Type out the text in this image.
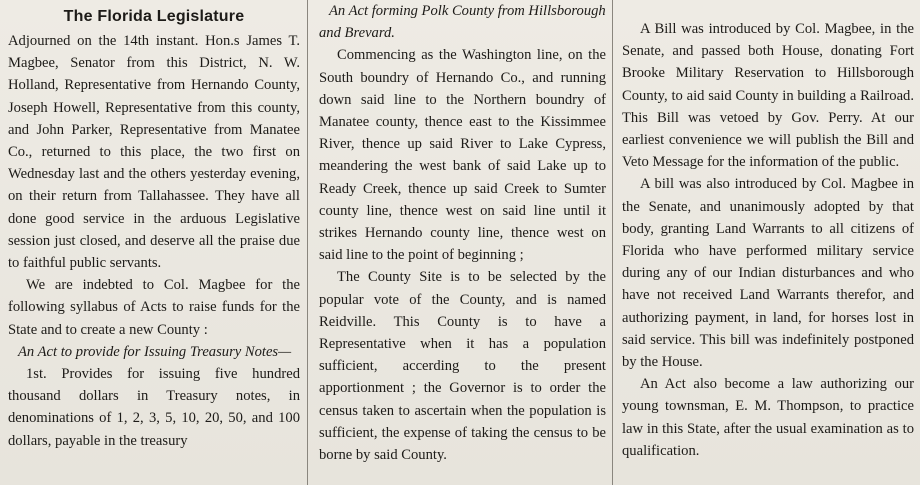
The Florida Legislature

Adjourned on the 14th instant. Hon.s James T. Magbee, Senator from this District, N. W. Holland, Representative from Hernando County, Joseph Howell, Representative from this county, and John Parker, Representative from Manatee Co., returned to this place, the two first on Wednesday last and the others yesterday evening, on their return from Tallahassee. They have all done good service in the arduous Legislative session just closed, and deserve all the praise due to faithful public servants.

We are indebted to Col. Magbee for the following syllabus of Acts to raise funds for the State and to create a new County :

An Act to provide for Issuing Treasury Notes—

1st. Provides for issuing five hundred thousand dollars in Treasury notes, in denominations of 1, 2, 3, 5, 10, 20, 50, and 100 dollars, payable in the treasury

An Act forming Polk County from Hillsborough and Brevard.

Commencing as the Washington line, on the South boundry of Hernando Co., and running down said line to the Northern boundry of Manatee county, thence east to the Kissimmee River, thence up said River to Lake Cypress, meandering the west bank of said Lake up to Ready Creek, thence up said Creek to Sumter county line, thence west on said line until it strikes Hernando county line, thence west on said line to the point of beginning ;

The County Site is to be selected by the popular vote of the County, and is named Reidville. This County is to have a Representative when it has a population sufficient, accerding to the present apportionment ; the Governor is to order the census taken to ascertain when the population is sufficient, the expense of taking the census to be borne by said County.

A Bill was introduced by Col. Magbee, in the Senate, and passed both House, donating Fort Brooke Military Reservation to Hillsborough County, to aid said County in building a Railroad. This Bill was vetoed by Gov. Perry. At our earliest convenience we will publish the Bill and Veto Message for the information of the public.

A bill was also introduced by Col. Magbee in the Senate, and unanimously adopted by that body, granting Land Warrants to all citizens of Florida who have performed military service during any of our Indian disturbances and who have not received Land Warrants therefor, and authorizing payment, in land, for horses lost in said service. This bill was indefinitely postponed by the House.

An Act also become a law authorizing our young townsman, E. M. Thompson, to practice law in this State, after the usual examination as to qualification.
